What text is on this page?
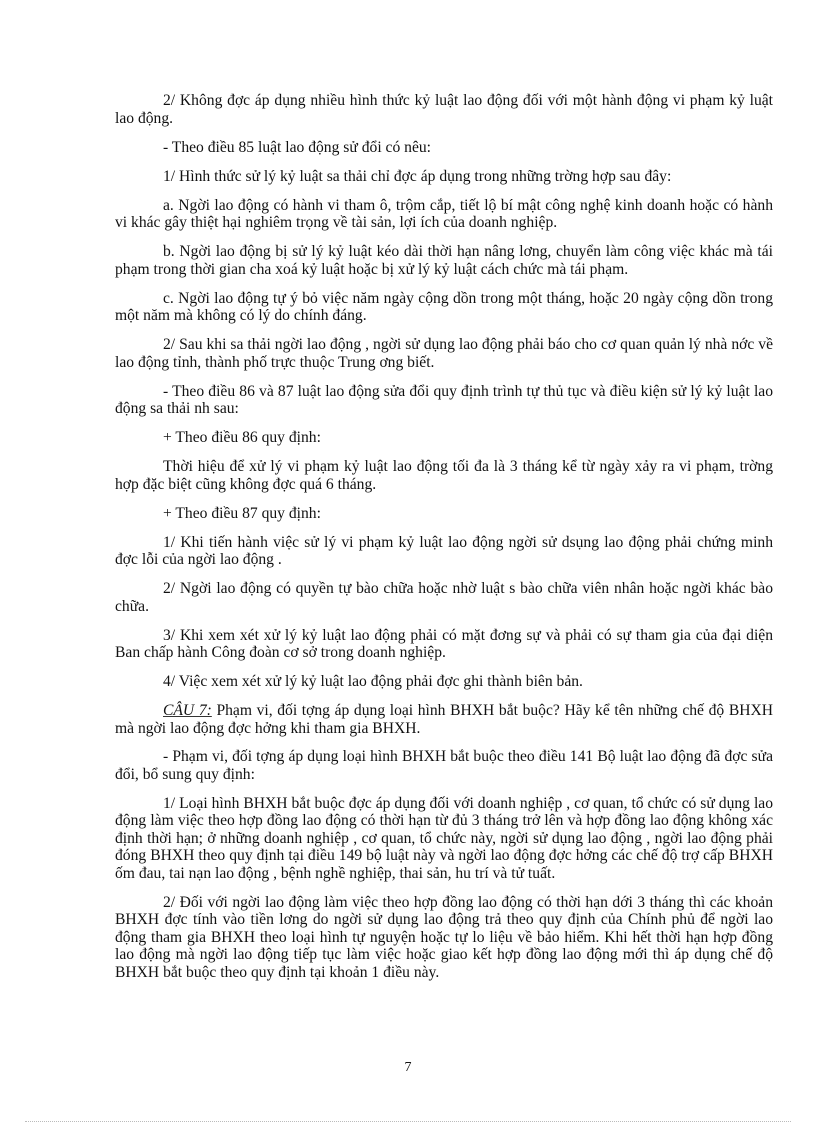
2/ Không đợc áp dụng nhiều hình thức kỷ luật lao động đối với một hành động vi phạm kỷ luật lao động.

- Theo điều 85 luật lao động sử đổi có nêu:

1/ Hình thức sử lý kỷ luật sa thải chỉ đợc áp dụng trong những trờng hợp sau đây:

a. Ngời lao động có hành vi tham ô, trộm cắp, tiết lộ bí mật công nghệ kinh doanh hoặc có hành vi khác gây thiệt hại nghiêm trọng về tài sản, lợi ích của doanh nghiệp.

b. Ngời lao động bị sử lý kỷ luật kéo dài thời hạn nâng lơng, chuyển làm công việc khác mà tái phạm trong thời gian cha xoá kỷ luật hoặc bị xử lý kỷ luật cách chức mà tái phạm.

c. Ngời lao động tự ý bỏ việc năm ngày cộng dồn trong một tháng, hoặc 20 ngày cộng dồn trong một năm mà không có lý do chính đáng.

2/ Sau khi sa thải ngời lao động , ngời sử dụng lao động phải báo cho cơ quan quản lý nhà nớc về lao động tỉnh, thành phố trực thuộc Trung ơng biết.

- Theo điều 86 và 87 luật lao động sửa đổi quy định trình tự thủ tục và điều kiện sử lý kỷ luật lao động sa thải nh sau:

+ Theo điều 86 quy định:

Thời hiệu để xử lý vi phạm kỷ luật lao động tối đa là 3 tháng kể từ ngày xảy ra vi phạm, trờng hợp đặc biệt cũng không đợc quá 6 tháng.

+ Theo điều 87 quy định:

1/ Khi tiến hành việc sử lý vi phạm kỷ luật lao động ngời sử dsụng lao động phải chứng minh đợc lỗi của ngời lao động .

2/ Ngời lao động có quyền tự bào chữa hoặc nhờ luật s bào chữa viên nhân hoặc ngời khác bào chữa.

3/ Khi xem xét xử lý kỷ luật lao động phải có mặt đơng sự và phải có sự tham gia của đại diện Ban chấp hành Công đoàn cơ sở trong doanh nghiệp.

4/ Việc xem xét xử lý kỷ luật lao động phải đợc ghi thành biên bản.

CÂU 7: Phạm vi, đối tợng áp dụng loại hình BHXH bắt buộc? Hãy kể tên những chế độ BHXH mà ngời lao động đợc hởng khi tham gia BHXH.

- Phạm vi, đối tợng áp dụng loại hình BHXH bắt buộc theo điều 141 Bộ luật lao động đã đợc sửa đổi, bổ sung quy định:

1/ Loại hình BHXH bắt buộc đợc áp dụng đối với doanh nghiệp , cơ quan, tổ chức có sử dụng lao động làm việc theo hợp đồng lao động có thời hạn từ đủ 3 tháng trở lên và hợp đồng lao động không xác định thời hạn; ở những doanh nghiệp , cơ quan, tổ chức này, ngời sử dụng lao động , ngời lao động phải đóng BHXH theo quy định tại điều 149 bộ luật này và ngời lao động đợc hởng các chế độ trợ cấp BHXH ốm đau, tai nạn lao động , bệnh nghề nghiệp, thai sản, hu trí và tử tuất.

2/ Đối với ngời lao động làm việc theo hợp đồng lao động có thời hạn dới 3 tháng thì các khoản BHXH đợc tính vào tiền lơng do ngời sử dụng lao động trả theo quy định của Chính phủ để ngời lao động tham gia BHXH theo loại hình tự nguyện hoặc tự lo liệu về bảo hiểm. Khi hết thời hạn hợp đồng lao động mà ngời lao động tiếp tục làm việc hoặc giao kết hợp đồng lao động mới thì áp dụng chế độ BHXH bắt buộc theo quy định tại khoản 1 điều này.

7
